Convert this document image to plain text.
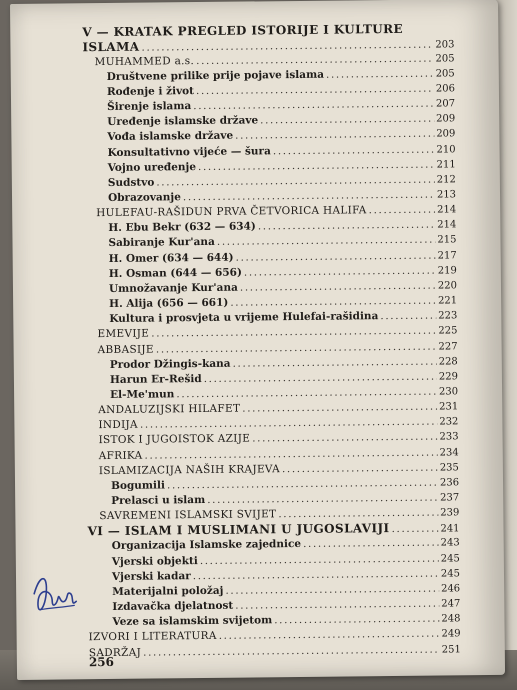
V — KRATAK PREGLED ISTORIJE I KULTURE
ISLAMA .....	203
MUHAMMED a.s. .....	205
Društvene prilike prije pojave islama .....	205
Rođenje i život .....	206
Širenje islama .....	207
Uređenje islamske države .....	209
Vođa islamske države .....	209
Konsultativno vijeće — šura .....	210
Vojno uređenje .....	211
Sudstvo .....	212
Obrazovanje .....	213
HULEFAU-RAŠIDUN PRVA ČETVORICA HALIFA .....	214
H. Ebu Bekr (632 — 634) .....	214
Sabiranje Kur'ana .....	215
H. Omer (634 — 644) .....	217
H. Osman (644 — 656) .....	219
Umnožavanje Kur'ana .....	220
H. Alija (656 — 661) .....	221
Kultura i prosvjeta u vrijeme Hulefai-rašidina .....	223
EMEVIJE .....	225
ABBASIJE .....	227
Prodor Džingis-kana .....	228
Harun Er-Rešid .....	229
El-Me'mun .....	230
ANDALUZIJSKI HILAFET .....	231
INDIJA .....	232
ISTOK I JUGOISTOK AZIJE .....	233
AFRIKA .....	234
ISLAMIZACIJA NAŠIH KRAJEVA .....	235
Bogumili .....	236
Prelasci u islam .....	237
SAVREMENI ISLAMSKI SVIJET .....	239
VI — ISLAM I MUSLIMANI U JUGOSLAVIJI .....	241
Organizacija Islamske zajednice .....	243
Vjerski objekti .....	245
Vjerski kadar .....	245
Materijalni položaj .....	246
Izdavačka djelatnost .....	247
Veze sa islamskim svijetom .....	248
IZVORI I LITERATURA .....	249
SADRŽAJ .....	251
256
